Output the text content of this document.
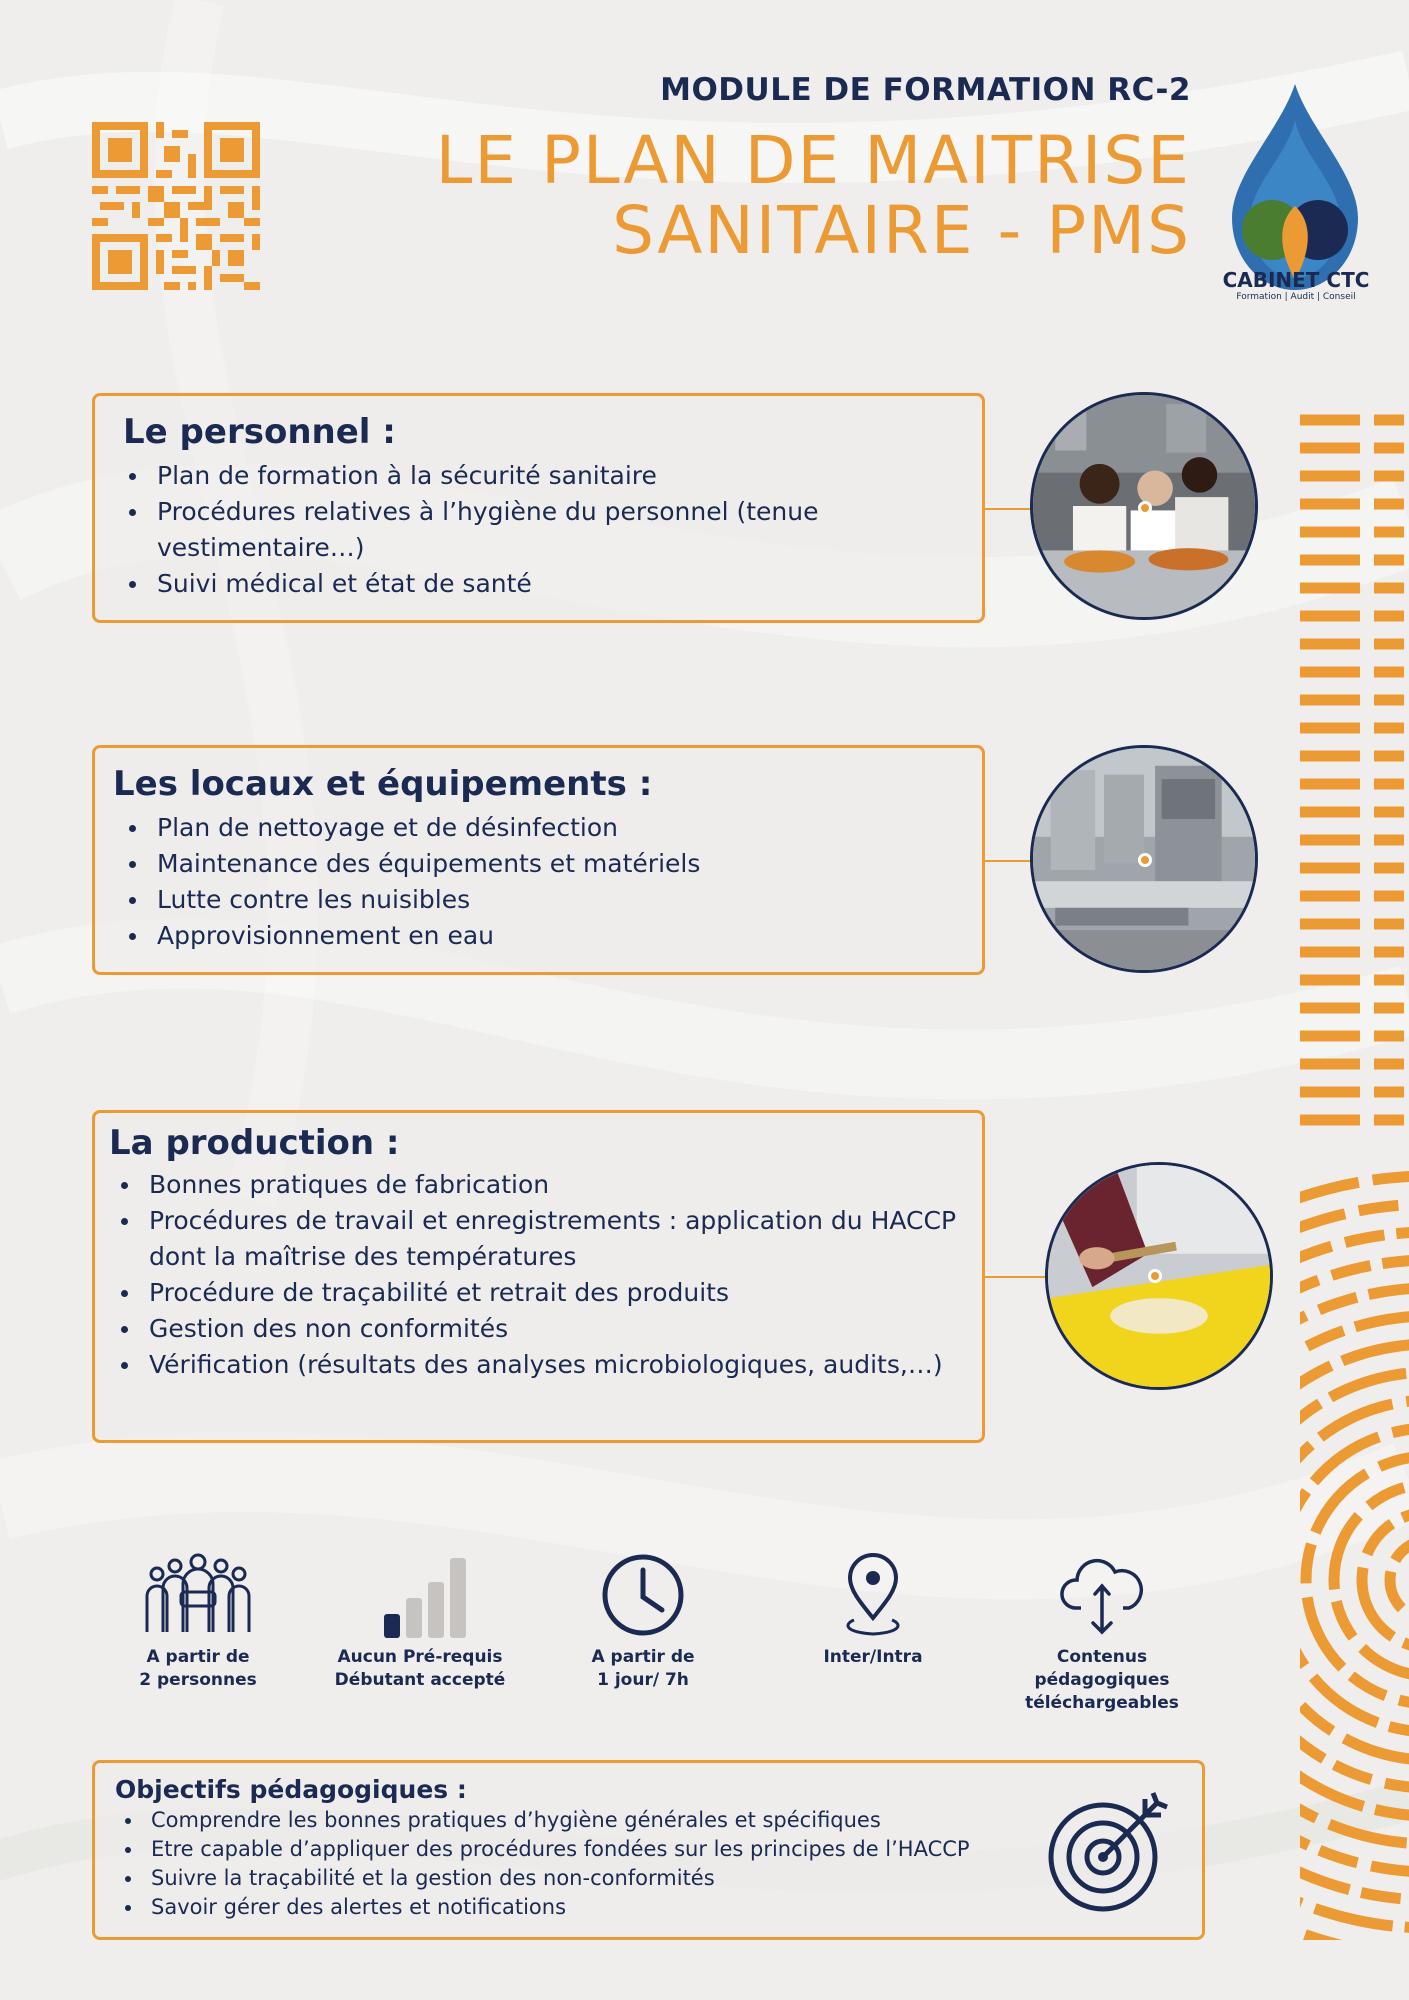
MODULE DE FORMATION RC-2
LE PLAN DE MAITRISE
SANITAIRE - PMS
CABINET CTC
Formation | Audit | Conseil
Le personnel :
Plan de formation à la sécurité sanitaire
Procédures relatives à l’hygiène du personnel (tenue vestimentaire…)
Suivi médical et état de santé
Les locaux et équipements :
Plan de nettoyage et de désinfection
Maintenance des équipements et matériels
Lutte contre les nuisibles
Approvisionnement en eau
La production :
Bonnes pratiques de fabrication
Procédures de travail et enregistrements : application du HACCP dont la maîtrise des températures
Procédure de traçabilité et retrait des produits
Gestion des non conformités
Vérification (résultats des analyses microbiologiques, audits,…)
A partir de
2 personnes
Aucun Pré-requis
Débutant accepté
A partir de
1 jour/ 7h
Inter/Intra	Contenus
pédagogiques
téléchargeables
Objectifs pédagogiques :
Comprendre les bonnes pratiques d’hygiène générales et spécifiques
Etre capable d’appliquer des procédures fondées sur les principes de l’HACCP
Suivre la traçabilité et la gestion des non-conformités
Savoir gérer des alertes et notifications
